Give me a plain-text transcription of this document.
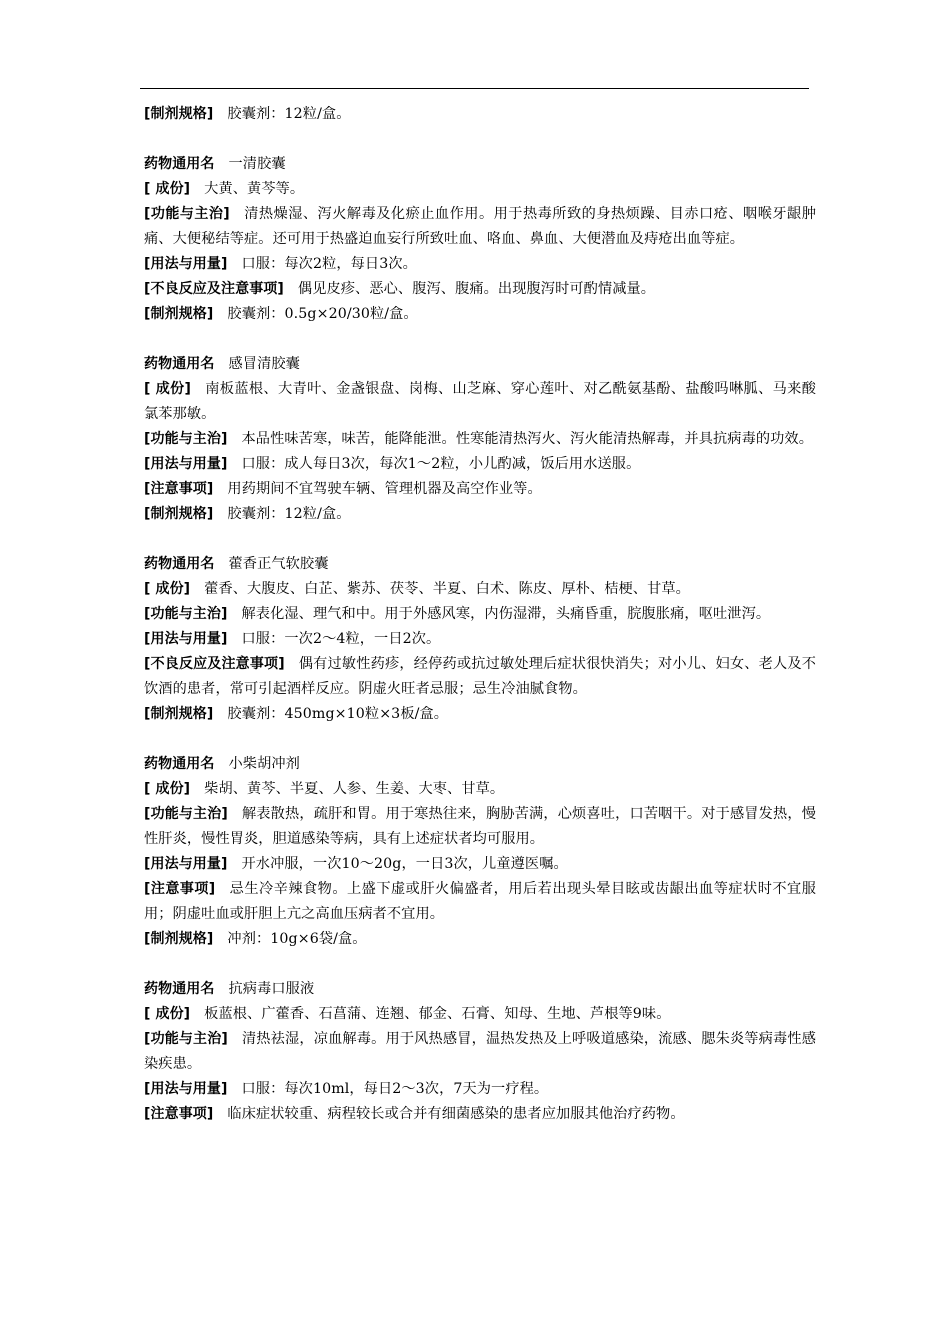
[制剂规格] 胶囊剂：12粒/盒。

药物通用名 一清胶囊

[ 成份] 大黄、黄芩等。

[功能与主治] 清热燥湿、泻火解毒及化瘀止血作用。用于热毒所致的身热烦躁、目赤口疮、咽喉牙龈肿痛、大便秘结等症。还可用于热盛迫血妄行所致吐血、咯血、鼻血、大便潜血及痔疮出血等症。

[用法与用量] 口服：每次2粒，每日3次。

[不良反应及注意事项] 偶见皮疹、恶心、腹泻、腹痛。出现腹泻时可酌情减量。

[制剂规格] 胶囊剂：0.5g×20/30粒/盒。

药物通用名 感冒清胶囊

[ 成份] 南板蓝根、大青叶、金盏银盘、岗梅、山芝麻、穿心莲叶、对乙酰氨基酚、盐酸吗啉胍、马来酸氯苯那敏。

[功能与主治] 本品性味苦寒，味苦，能降能泄。性寒能清热泻火、泻火能清热解毒，并具抗病毒的功效。

[用法与用量] 口服：成人每日3次，每次1～2粒，小儿酌减，饭后用水送服。

[注意事项] 用药期间不宜驾驶车辆、管理机器及高空作业等。

[制剂规格] 胶囊剂：12粒/盒。

药物通用名 藿香正气软胶囊

[ 成份] 藿香、大腹皮、白芷、紫苏、茯苓、半夏、白术、陈皮、厚朴、桔梗、甘草。

[功能与主治] 解表化湿、理气和中。用于外感风寒，内伤湿滞，头痛昏重，脘腹胀痛，呕吐泄泻。

[用法与用量] 口服：一次2～4粒，一日2次。

[不良反应及注意事项] 偶有过敏性药疹，经停药或抗过敏处理后症状很快消失；对小儿、妇女、老人及不饮酒的患者，常可引起酒样反应。阴虚火旺者忌服；忌生冷油腻食物。

[制剂规格] 胶囊剂：450mg×10粒×3板/盒。

药物通用名 小柴胡冲剂

[ 成份] 柴胡、黄芩、半夏、人参、生姜、大枣、甘草。

[功能与主治] 解表散热，疏肝和胃。用于寒热往来，胸胁苦满，心烦喜吐，口苦咽干。对于感冒发热，慢性肝炎，慢性胃炎，胆道感染等病，具有上述症状者均可服用。

[用法与用量] 开水冲服，一次10～20g，一日3次，儿童遵医嘱。

[注意事项] 忌生冷辛辣食物。上盛下虚或肝火偏盛者，用后若出现头晕目眩或齿龈出血等症状时不宜服用；阴虚吐血或肝胆上亢之高血压病者不宜用。

[制剂规格] 冲剂：10g×6袋/盒。

药物通用名 抗病毒口服液

[ 成份] 板蓝根、广藿香、石菖蒲、连翘、郁金、石膏、知母、生地、芦根等9味。

[功能与主治] 清热祛湿，凉血解毒。用于风热感冒，温热发热及上呼吸道感染，流感、腮朱炎等病毒性感染疾患。

[用法与用量] 口服：每次10ml，每日2～3次，7天为一疗程。

[注意事项] 临床症状较重、病程较长或合并有细菌感染的患者应加服其他治疗药物。
